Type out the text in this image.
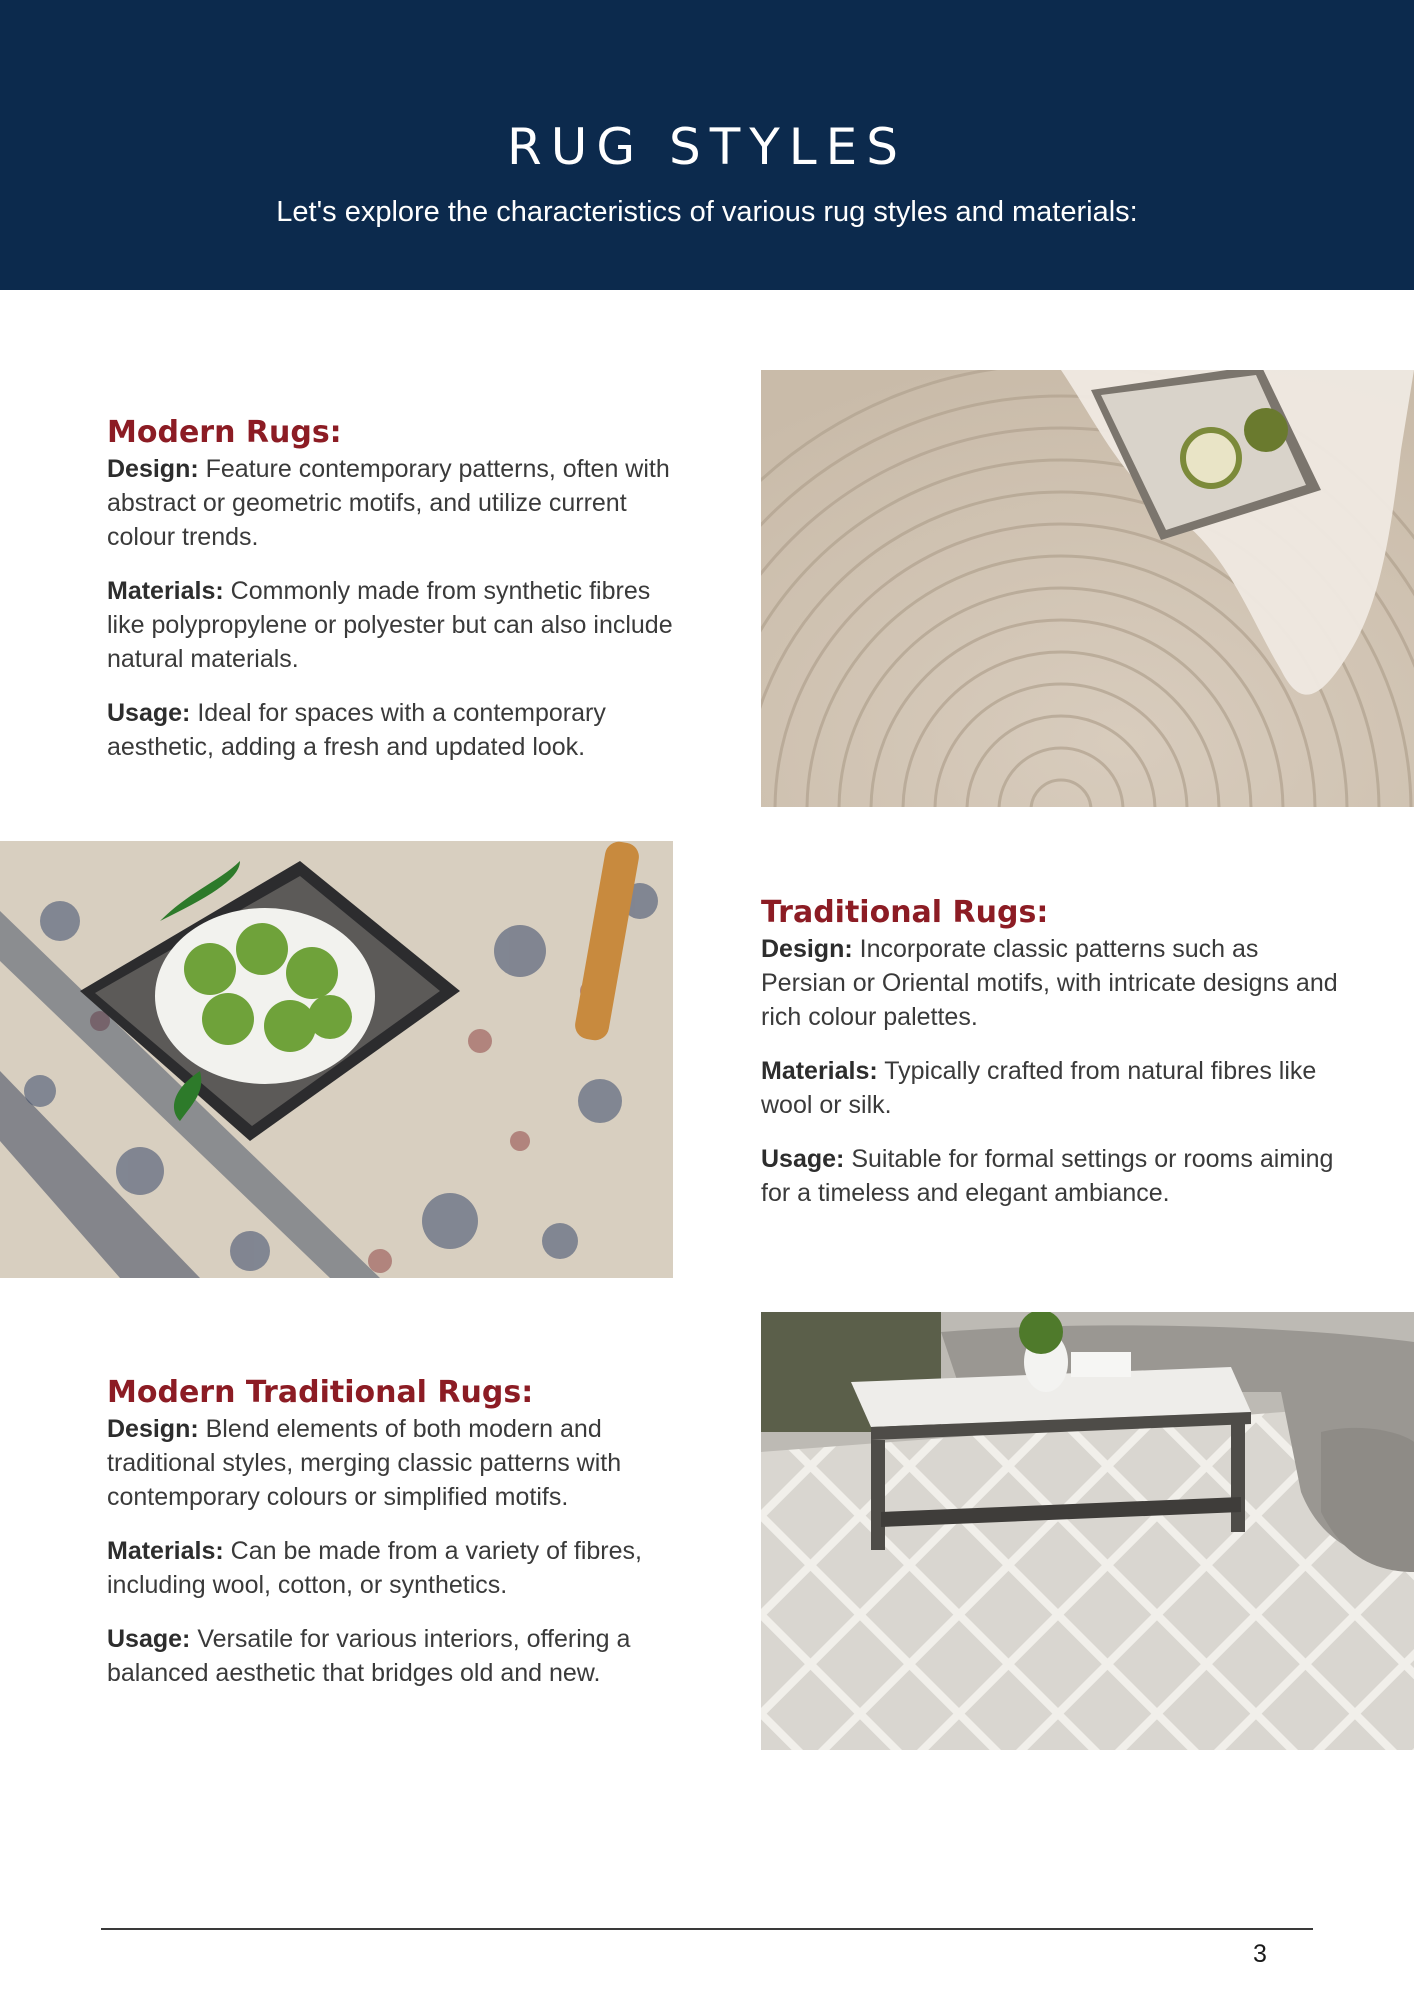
RUG STYLES

Let's explore the characteristics of various rug styles and materials:

Modern Rugs:

Design: Feature contemporary patterns, often with abstract or geometric motifs, and utilize current colour trends.

Materials: Commonly made from synthetic fibres like polypropylene or polyester but can also include natural materials.

Usage: Ideal for spaces with a contemporary aesthetic, adding a fresh and updated look.

Traditional Rugs:

Design: Incorporate classic patterns such as Persian or Oriental motifs, with intricate designs and rich colour palettes.

Materials: Typically crafted from natural fibres like wool or silk.

Usage: Suitable for formal settings or rooms aiming for a timeless and elegant ambiance.

Modern Traditional Rugs:

Design: Blend elements of both modern and traditional styles, merging classic patterns with contemporary colours or simplified motifs.

Materials: Can be made from a variety of fibres, including wool, cotton, or synthetics.

Usage: Versatile for various interiors, offering a balanced aesthetic that bridges old and new.

3
